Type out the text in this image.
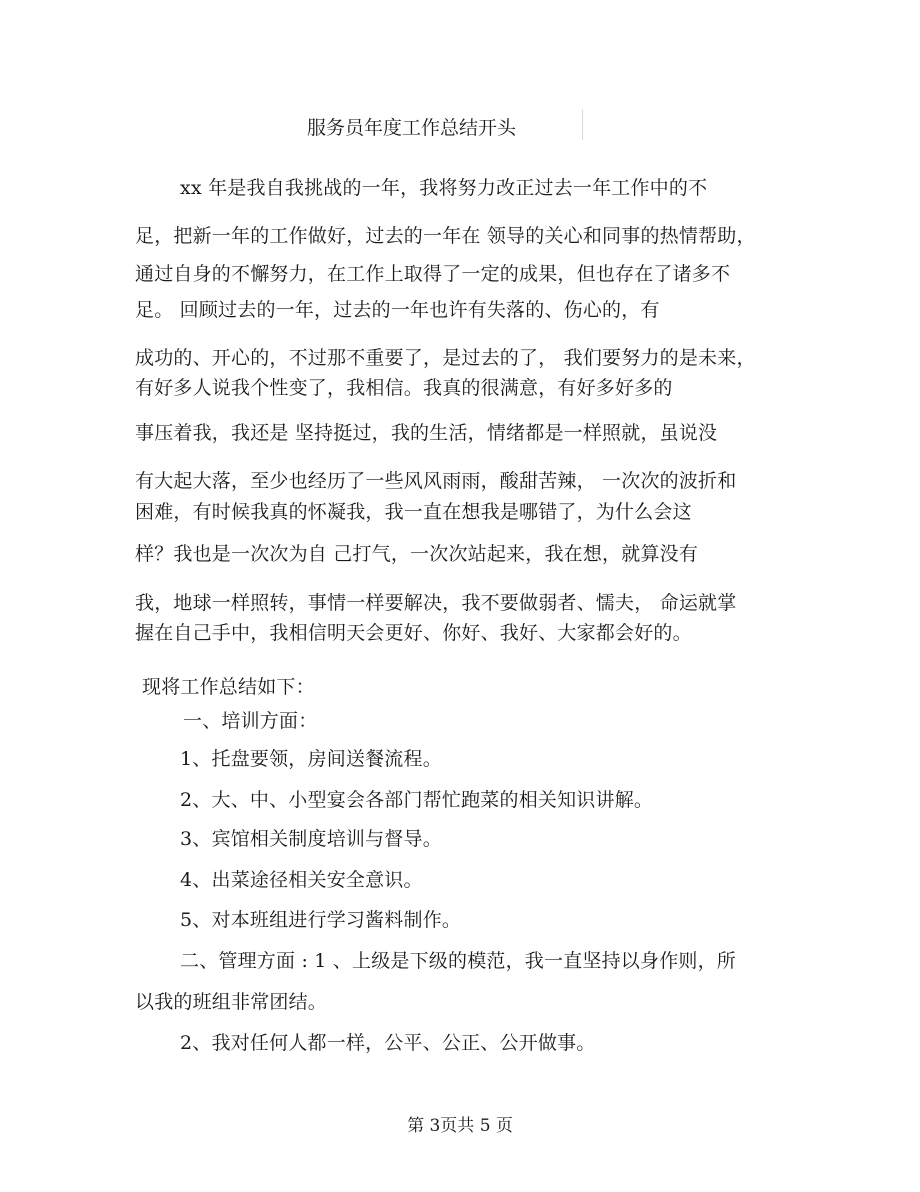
服务员年度工作总结开头
xx 年是我自我挑战的一年，我将努力改正过去一年工作中的不
足，把新一年的工作做好，过去的一年在 领导的关心和同事的热情帮助，
通过自身的不懈努力，在工作上取得了一定的成果，但也存在了诸多不
足。 回顾过去的一年，过去的一年也许有失落的、伤心的，有
成功的、开心的，不过那不重要了，是过去的了， 我们要努力的是未来，
有好多人说我个性变了，我相信。我真的很满意，有好多好多的
事压着我，我还是 坚持挺过，我的生活，情绪都是一样照就，虽说没
有大起大落，至少也经历了一些风风雨雨，酸甜苦辣， 一次次的波折和
困难，有时候我真的怀凝我，我一直在想我是哪错了，为什么会这
样？我也是一次次为自 己打气，一次次站起来，我在想，就算没有
我，地球一样照转，事情一样要解决，我不要做弱者、懦夫， 命运就掌
握在自己手中，我相信明天会更好、你好、我好、大家都会好的。
现将工作总结如下：
一、培训方面：
1、托盘要领，房间送餐流程。
2、大、中、小型宴会各部门帮忙跑菜的相关知识讲解。
3、宾馆相关制度培训与督导。
4、出菜途径相关安全意识。
5、对本班组进行学习酱料制作。
二、管理方面 : 1 、上级是下级的模范，我一直坚持以身作则，所
以我的班组非常团结。
2、我对任何人都一样，公平、公正、公开做事。
第 3页共 5 页
